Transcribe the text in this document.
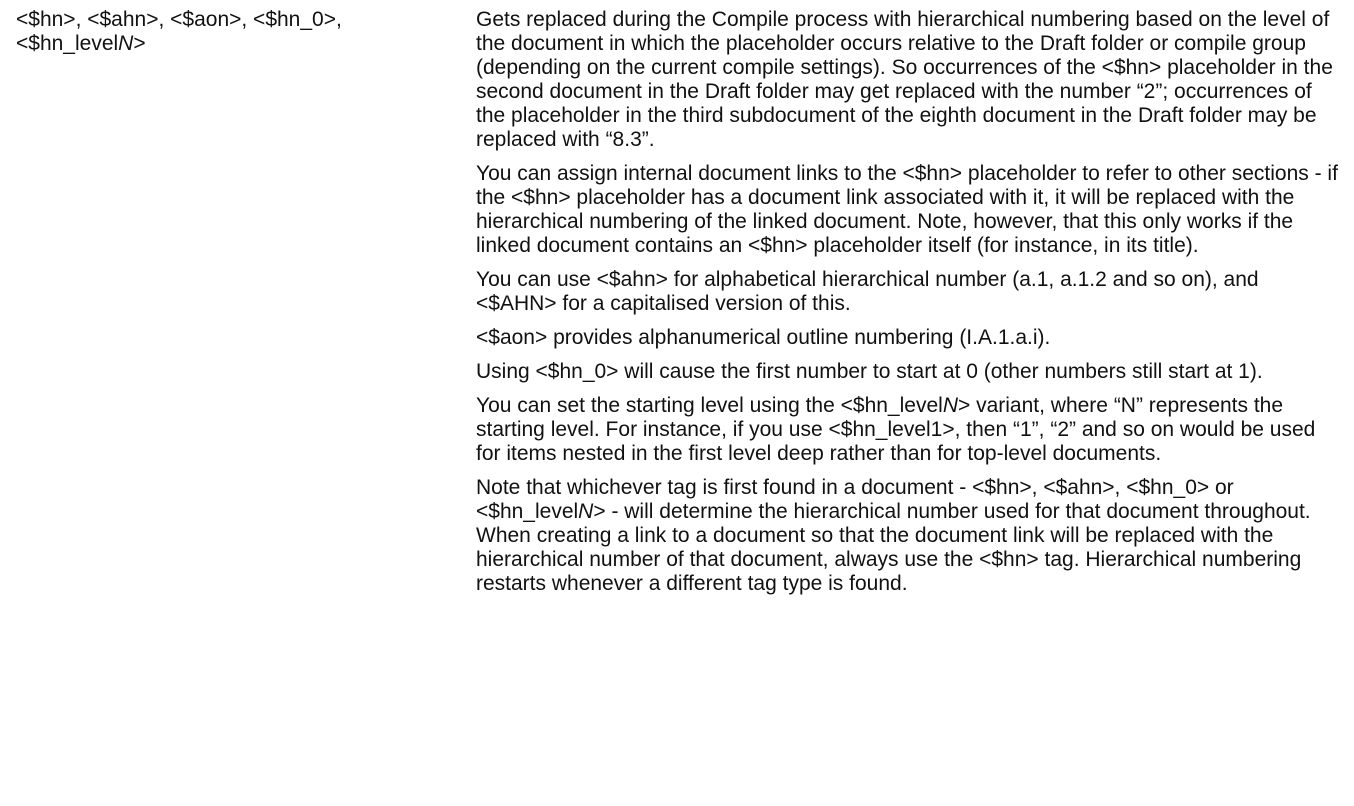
<$hn>, <$ahn>, <$aon>, <$hn_0>, <$hn_levelN>

Gets replaced during the Compile process with hierarchical numbering based on the level of the document in which the placeholder occurs relative to the Draft folder or compile group (depending on the current compile settings). So occurrences of the <$hn> placeholder in the second document in the Draft folder may get replaced with the number “2”; occurrences of the placeholder in the third subdocument of the eighth document in the Draft folder may be replaced with “8.3”.

You can assign internal document links to the <$hn> placeholder to refer to other sections - if the <$hn> placeholder has a document link associated with it, it will be replaced with the hierarchical numbering of the linked document. Note, however, that this only works if the linked document contains an <$hn> placeholder itself (for instance, in its title).

You can use <$ahn> for alphabetical hierarchical number (a.1, a.1.2 and so on), and <$AHN> for a capitalised version of this.

<$aon> provides alphanumerical outline numbering (I.A.1.a.i).

Using <$hn_0> will cause the first number to start at 0 (other numbers still start at 1).

You can set the starting level using the <$hn_levelN> variant, where “N” represents the starting level. For instance, if you use <$hn_level1>, then “1”, “2” and so on would be used for items nested in the first level deep rather than for top-level documents.

Note that whichever tag is first found in a document - <$hn>, <$ahn>, <$hn_0> or <$hn_levelN> - will determine the hierarchical number used for that document throughout. When creating a link to a document so that the document link will be replaced with the hierarchical number of that document, always use the <$hn> tag. Hierarchical numbering restarts whenever a different tag type is found.
